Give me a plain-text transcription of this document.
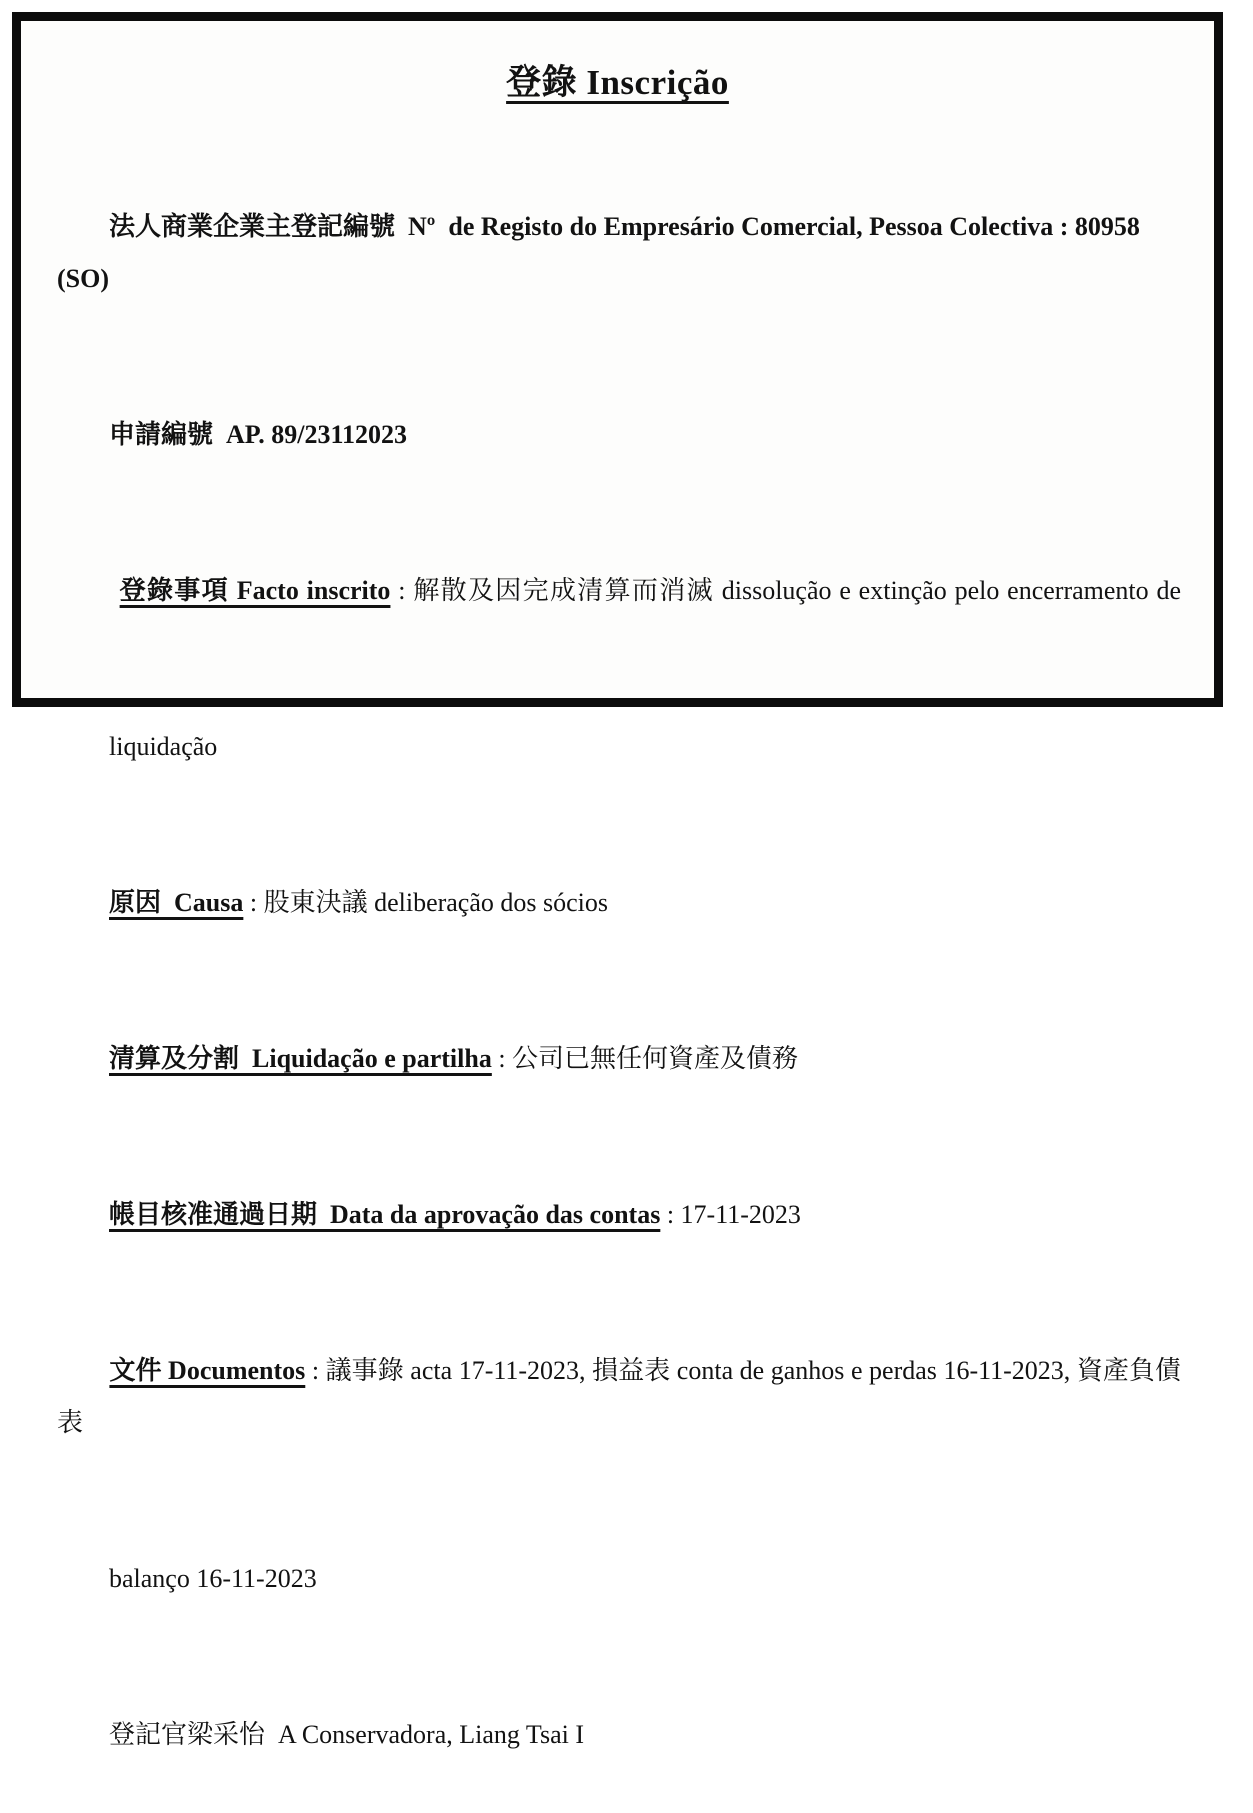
登錄 Inscrição

法人商業企業主登記編號  Nº  de Registo do Empresário Comercial, Pessoa Colectiva : 80958 (SO)

申請編號  AP. 89/23112023

登錄事項 Facto inscrito : 解散及因完成清算而消滅 dissolução e extinção pelo encerramento de

liquidação

原因  Causa : 股東決議 deliberação dos sócios

清算及分割  Liquidação e partilha : 公司已無任何資產及債務

帳目核准通過日期  Data da aprovação das contas : 17-11-2023

文件 Documentos : 議事錄 acta 17-11-2023, 損益表 conta de ganhos e perdas 16-11-2023, 資產負債表

balanço 16-11-2023

登記官梁采怡  A Conservadora, Liang Tsai I
